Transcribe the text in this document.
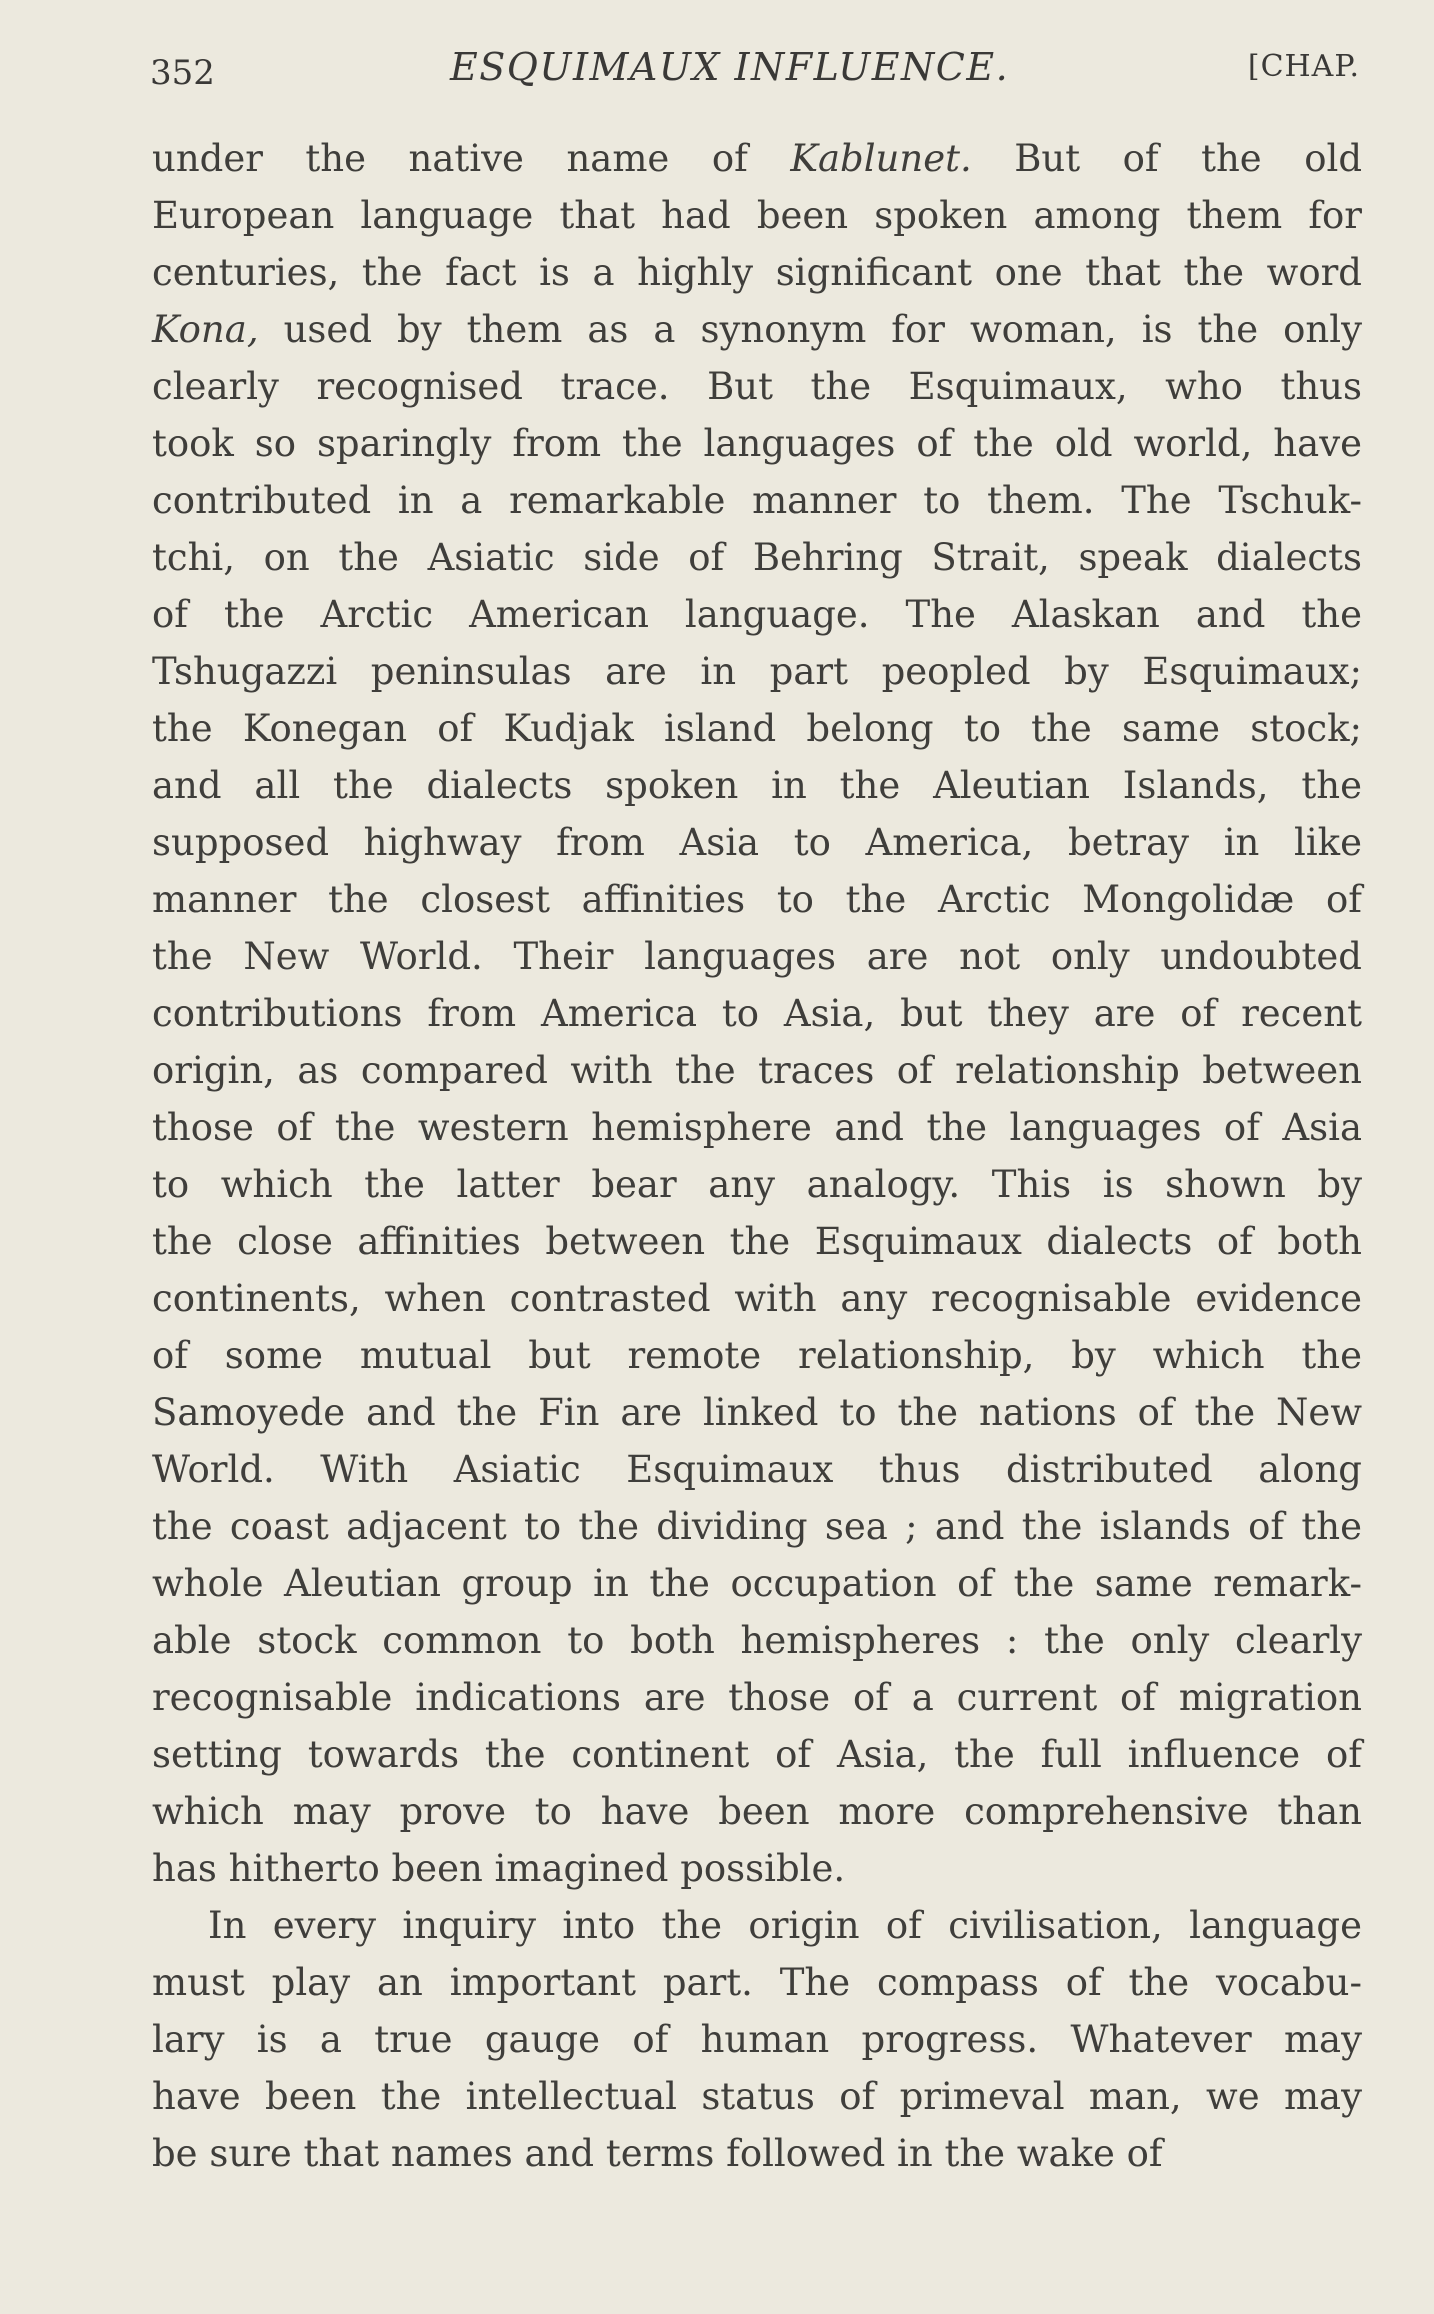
352	ESQUIMAUX INFLUENCE.	[CHAP.
under the native name of Kablunet. But of the old
European language that had been spoken among them for
centuries, the fact is a highly significant one that the word
Kona, used by them as a synonym for woman, is the only
clearly recognised trace. But the Esquimaux, who thus
took so sparingly from the languages of the old world, have
contributed in a remarkable manner to them. The Tschuk-
tchi, on the Asiatic side of Behring Strait, speak dialects
of the Arctic American language. The Alaskan and the
Tshugazzi peninsulas are in part peopled by Esquimaux;
the Konegan of Kudjak island belong to the same stock;
and all the dialects spoken in the Aleutian Islands, the
supposed highway from Asia to America, betray in like
manner the closest affinities to the Arctic Mongolidæ of
the New World. Their languages are not only undoubted
contributions from America to Asia, but they are of recent
origin, as compared with the traces of relationship between
those of the western hemisphere and the languages of Asia
to which the latter bear any analogy. This is shown by
the close affinities between the Esquimaux dialects of both
continents, when contrasted with any recognisable evidence
of some mutual but remote relationship, by which the
Samoyede and the Fin are linked to the nations of the New
World. With Asiatic Esquimaux thus distributed along
the coast adjacent to the dividing sea ; and the islands of the
whole Aleutian group in the occupation of the same remark-
able stock common to both hemispheres : the only clearly
recognisable indications are those of a current of migration
setting towards the continent of Asia, the full influence of
which may prove to have been more comprehensive than
has hitherto been imagined possible.
In every inquiry into the origin of civilisation, language
must play an important part. The compass of the vocabu-
lary is a true gauge of human progress. Whatever may
have been the intellectual status of primeval man, we may
be sure that names and terms followed in the wake of
